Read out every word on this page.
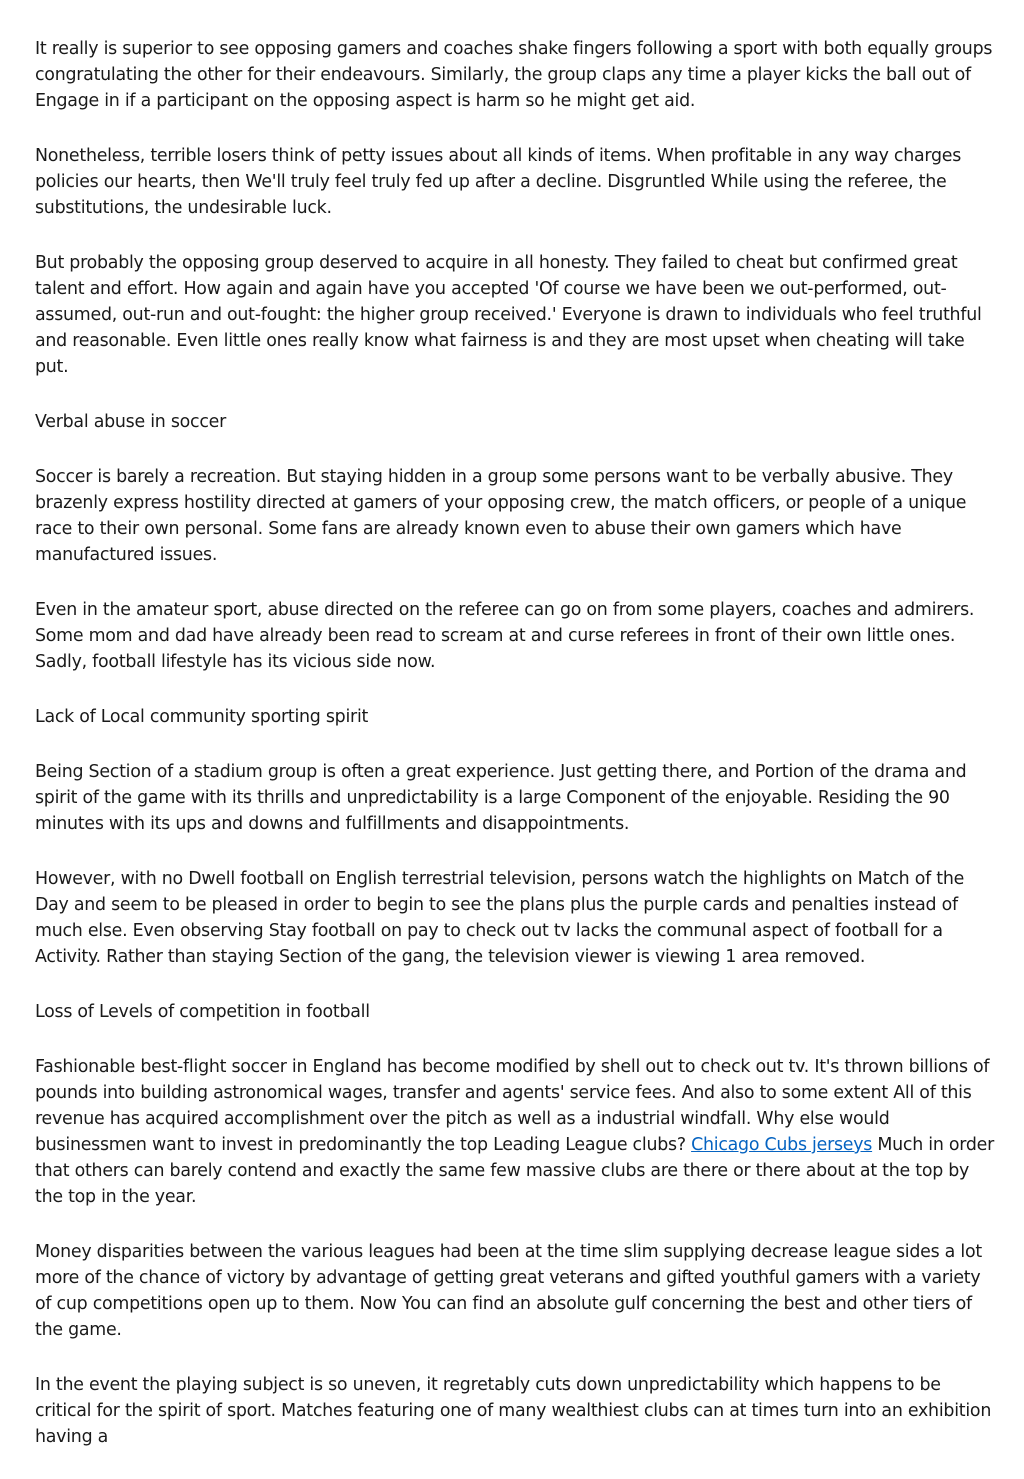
It really is superior to see opposing gamers and coaches shake fingers following a sport with both equally groups congratulating the other for their endeavours. Similarly, the group claps any time a player kicks the ball out of Engage in if a participant on the opposing aspect is harm so he might get aid.

Nonetheless, terrible losers think of petty issues about all kinds of items. When profitable in any way charges policies our hearts, then We'll truly feel truly fed up after a decline. Disgruntled While using the referee, the substitutions, the undesirable luck.

But probably the opposing group deserved to acquire in all honesty. They failed to cheat but confirmed great talent and effort. How again and again have you accepted 'Of course we have been we out-performed, out-assumed, out-run and out-fought: the higher group received.' Everyone is drawn to individuals who feel truthful and reasonable. Even little ones really know what fairness is and they are most upset when cheating will take put.

Verbal abuse in soccer

Soccer is barely a recreation. But staying hidden in a group some persons want to be verbally abusive. They brazenly express hostility directed at gamers of your opposing crew, the match officers, or people of a unique race to their own personal. Some fans are already known even to abuse their own gamers which have manufactured issues.

Even in the amateur sport, abuse directed on the referee can go on from some players, coaches and admirers. Some mom and dad have already been read to scream at and curse referees in front of their own little ones. Sadly, football lifestyle has its vicious side now.

Lack of Local community sporting spirit

Being Section of a stadium group is often a great experience. Just getting there, and Portion of the drama and spirit of the game with its thrills and unpredictability is a large Component of the enjoyable. Residing the 90 minutes with its ups and downs and fulfillments and disappointments.

However, with no Dwell football on English terrestrial television, persons watch the highlights on Match of the Day and seem to be pleased in order to begin to see the plans plus the purple cards and penalties instead of much else. Even observing Stay football on pay to check out tv lacks the communal aspect of football for a Activity. Rather than staying Section of the gang, the television viewer is viewing 1 area removed.

Loss of Levels of competition in football

Fashionable best-flight soccer in England has become modified by shell out to check out tv. It's thrown billions of pounds into building astronomical wages, transfer and agents' service fees. And also to some extent All of this revenue has acquired accomplishment over the pitch as well as a industrial windfall. Why else would businessmen want to invest in predominantly the top Leading League clubs? Chicago Cubs jerseys Much in order that others can barely contend and exactly the same few massive clubs are there or there about at the top by the top in the year.

Money disparities between the various leagues had been at the time slim supplying decrease league sides a lot more of the chance of victory by advantage of getting great veterans and gifted youthful gamers with a variety of cup competitions open up to them. Now You can find an absolute gulf concerning the best and other tiers of the game.

In the event the playing subject is so uneven, it regretably cuts down unpredictability which happens to be critical for the spirit of sport. Matches featuring one of many wealthiest clubs can at times turn into an exhibition having a
